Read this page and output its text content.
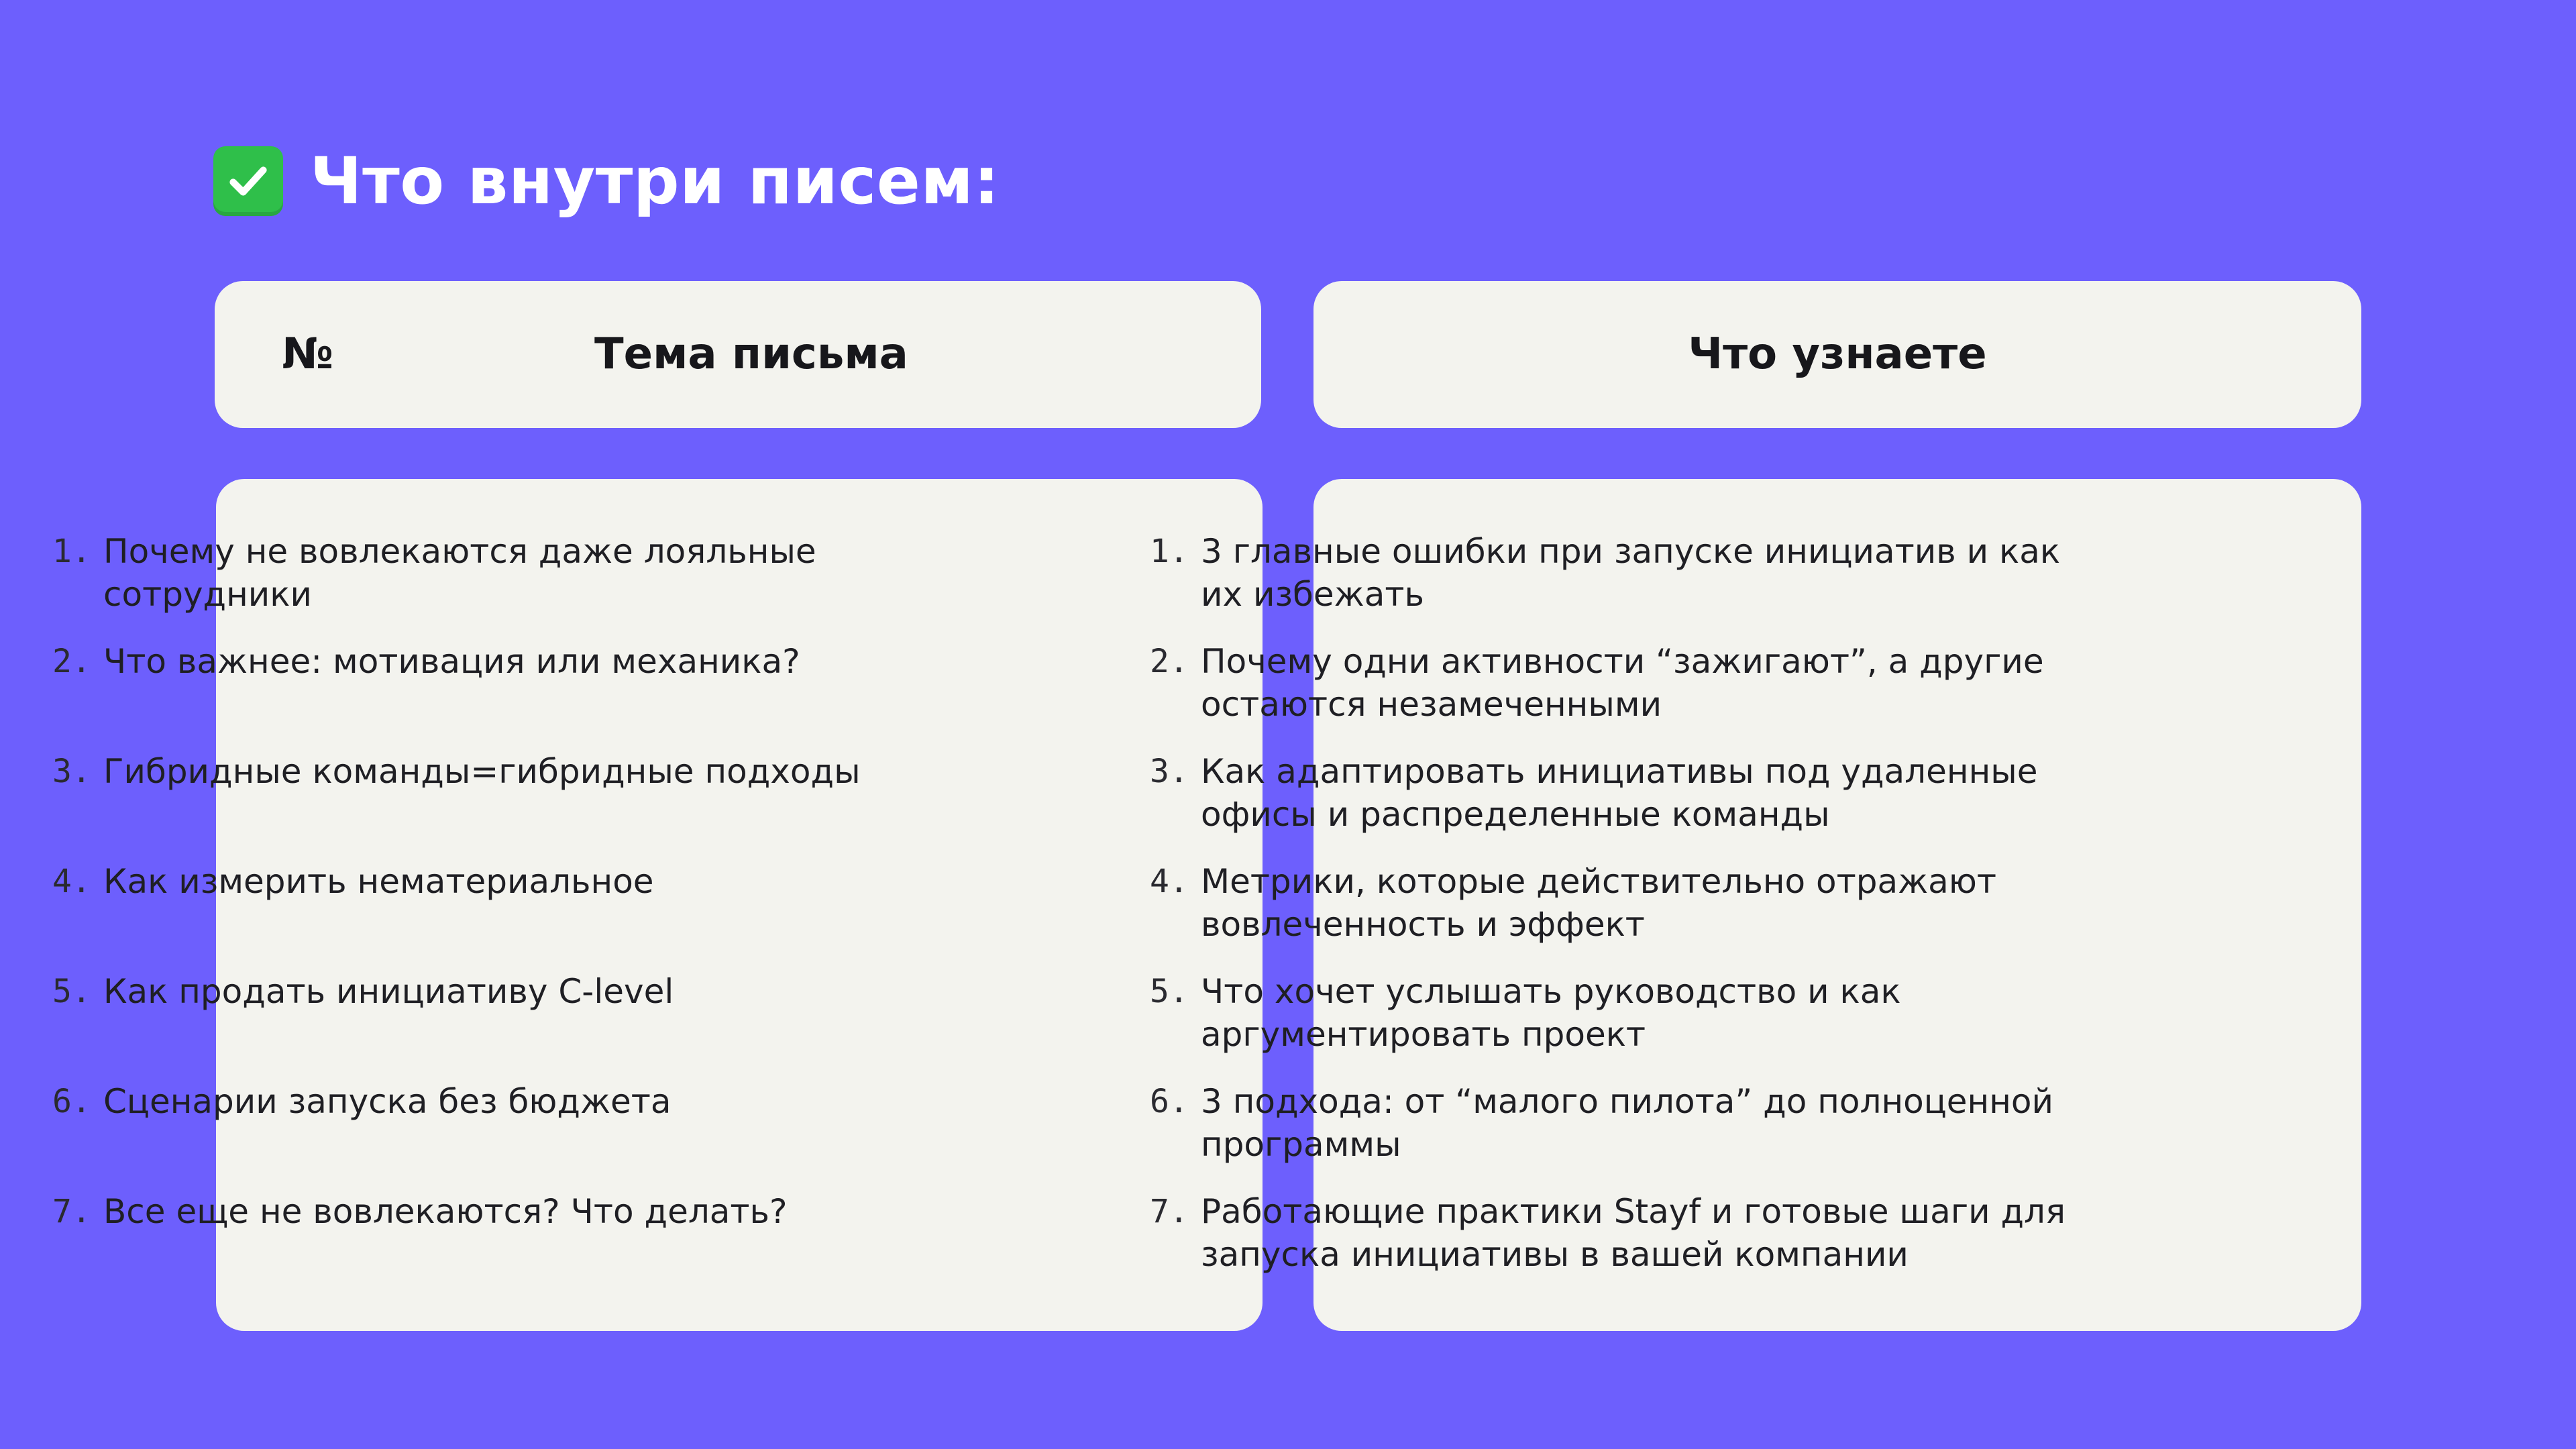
Что внутри писем:
№	Тема письма	Что узнаете
1. Почему не вовлекаются даже лояльные сотрудники
2. Что важнее: мотивация или механика?
3. Гибридные команды=гибридные подходы
4. Как измерить нематериальное
5. Как продать инициативу C-level
6. Сценарии запуска без бюджета
7. Все еще не вовлекаются? Что делать?
1. 3 главные ошибки при запуске инициатив и как их избежать
2. Почему одни активности “зажигают”, а другие остаются незамеченными
3. Как адаптировать инициативы под удаленные офисы и распределенные команды
4. Метрики, которые действительно отражают вовлеченность и эффект
5. Что хочет услышать руководство и как аргументировать проект
6. 3 подхода: от “малого пилота” до полноценной программы
7. Работающие практики Stayf и готовые шаги для запуска инициативы в вашей компании
